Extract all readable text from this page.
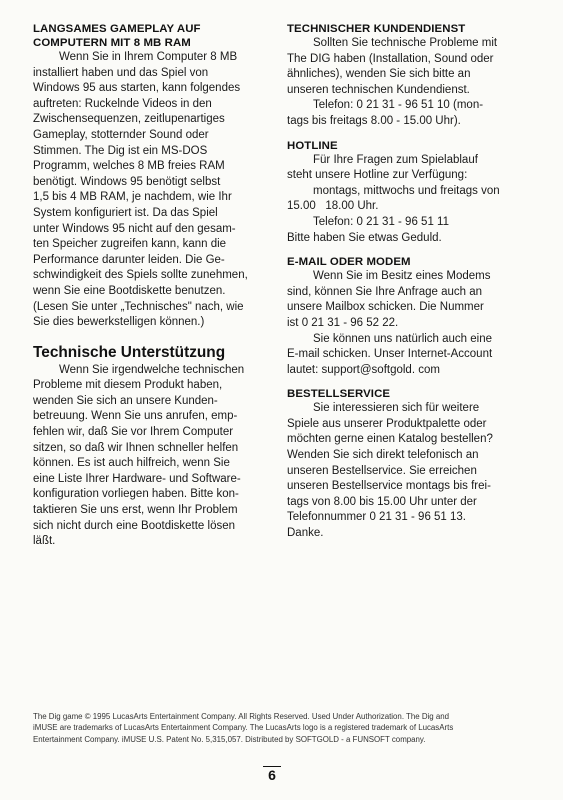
LANGSAMES GAMEPLAY AUF
COMPUTERN MIT 8 MB RAM

Wenn Sie in Ihrem Computer 8 MB
installiert haben und das Spiel von
Windows 95 aus starten, kann folgendes
auftreten: Ruckelnde Videos in den
Zwischensequenzen, zeitlupenartiges
Gameplay, stotternder Sound oder
Stimmen. The Dig ist ein MS-DOS
Programm, welches 8 MB freies RAM
benötigt. Windows 95 benötigt selbst
1,5 bis 4 MB RAM, je nachdem, wie Ihr
System konfiguriert ist. Da das Spiel
unter Windows 95 nicht auf den gesam-
ten Speicher zugreifen kann, kann die
Performance darunter leiden. Die Ge-
schwindigkeit des Spiels sollte zunehmen,
wenn Sie eine Bootdiskette benutzen.
(Lesen Sie unter „Technisches" nach, wie
Sie dies bewerkstelligen können.)

Technische Unterstützung

Wenn Sie irgendwelche technischen
Probleme mit diesem Produkt haben,
wenden Sie sich an unsere Kunden-
betreuung. Wenn Sie uns anrufen, emp-
fehlen wir, daß Sie vor Ihrem Computer
sitzen, so daß wir Ihnen schneller helfen
können. Es ist auch hilfreich, wenn Sie
eine Liste Ihrer Hardware- und Software-
konfiguration vorliegen haben. Bitte kon-
taktieren Sie uns erst, wenn Ihr Problem
sich nicht durch eine Bootdiskette lösen
läßt.

TECHNISCHER KUNDENDIENST

Sollten Sie technische Probleme mit
The DIG haben (Installation, Sound oder
ähnliches), wenden Sie sich bitte an
unseren technischen Kundendienst.
Telefon: 0 21 31 - 96 51 10 (mon-
tags bis freitags 8.00 - 15.00 Uhr).

HOTLINE

Für Ihre Fragen zum Spielablauf
steht unsere Hotline zur Verfügung:
montags, mittwochs und freitags von
15.00   18.00 Uhr.
Telefon: 0 21 31 - 96 51 11
Bitte haben Sie etwas Geduld.

E-MAIL ODER MODEM

Wenn Sie im Besitz eines Modems
sind, können Sie Ihre Anfrage auch an
unsere Mailbox schicken. Die Nummer
ist 0 21 31 - 96 52 22.
Sie können uns natürlich auch eine
E-mail schicken. Unser Internet-Account
lautet: support@softgold. com

BESTELLSERVICE

Sie interessieren sich für weitere
Spiele aus unserer Produktpalette oder
möchten gerne einen Katalog bestellen?
Wenden Sie sich direkt telefonisch an
unseren Bestellservice. Sie erreichen
unseren Bestellservice montags bis frei-
tags von 8.00 bis 15.00 Uhr unter der
Telefonnummer 0 21 31 - 96 51 13.
Danke.

The Dig game © 1995 LucasArts Entertainment Company. All Rights Reserved. Used Under Authorization. The Dig and
iMUSE are trademarks of LucasArts Entertainment Company. The LucasArts logo is a registered trademark of LucasArts
Entertainment Company. iMUSE U.S. Patent No. 5,315,057. Distributed by SOFTGOLD - a FUNSOFT company.
6
